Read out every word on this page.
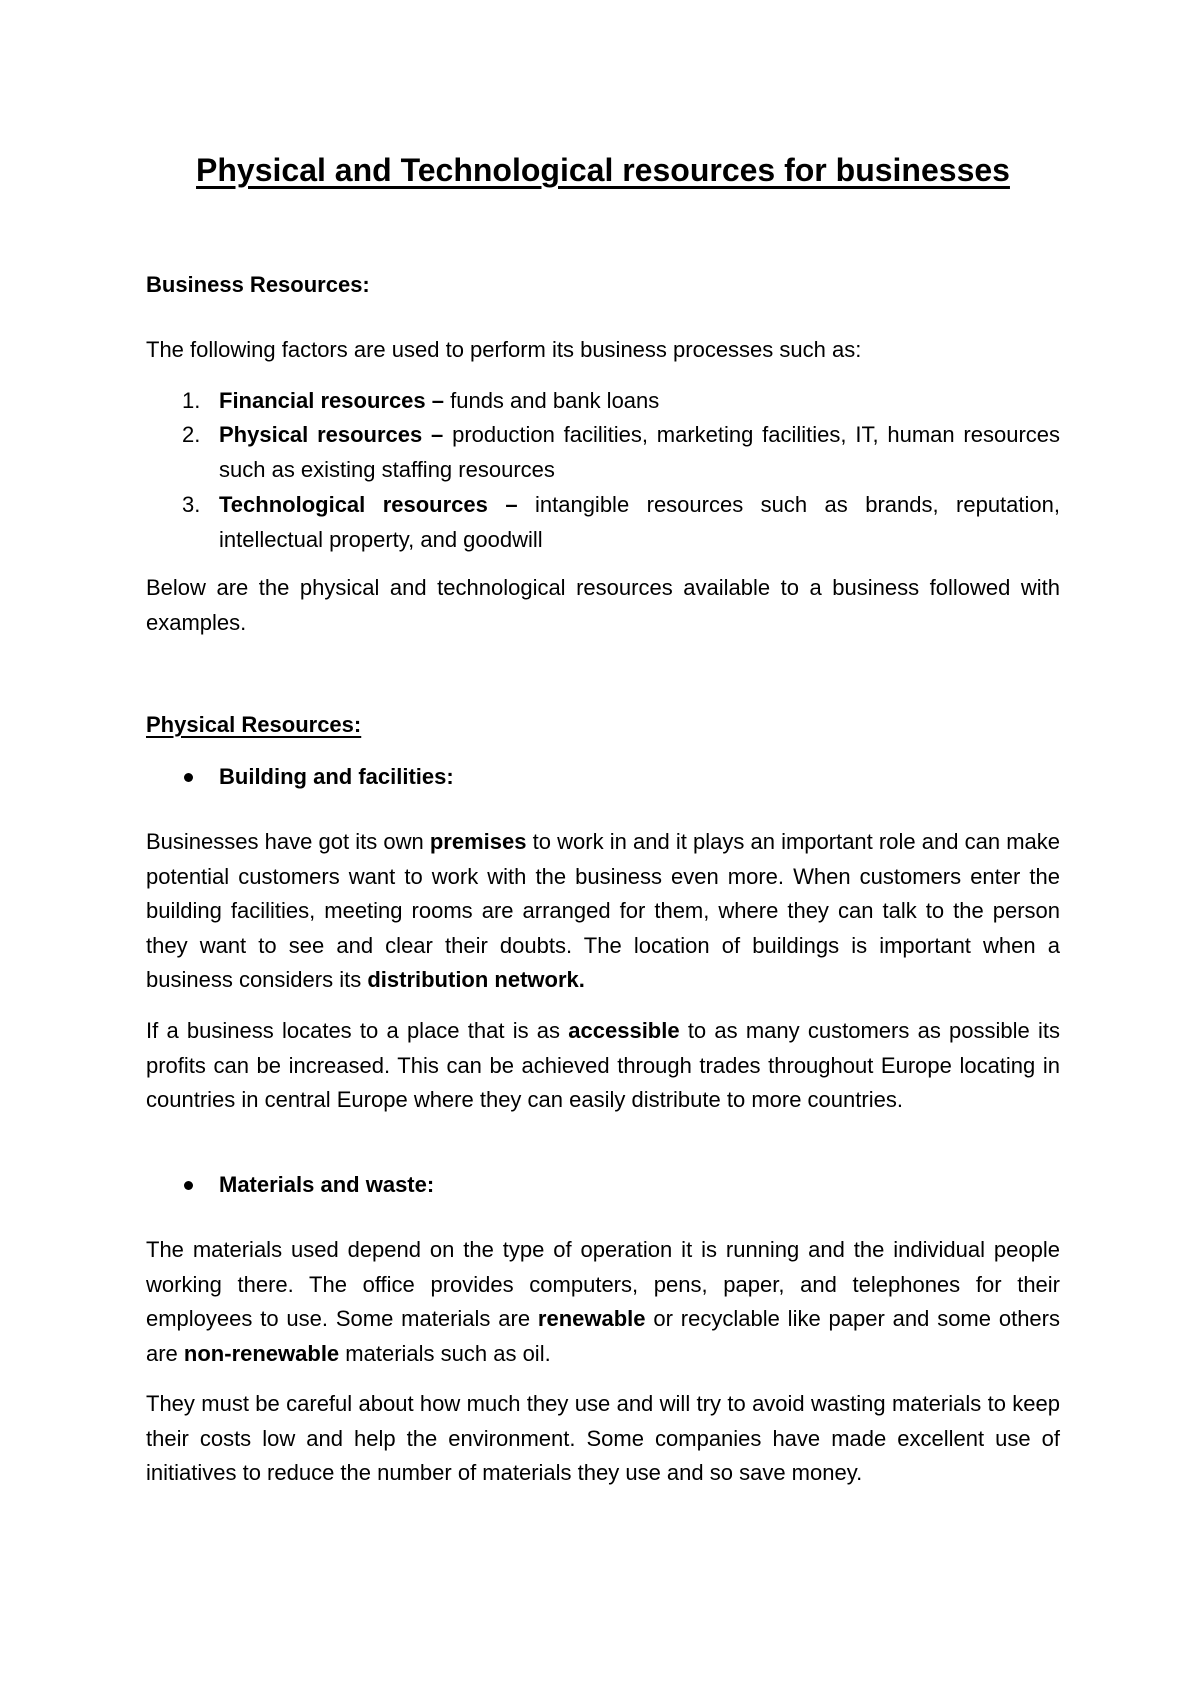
Physical and Technological resources for businesses

Business Resources:

The following factors are used to perform its business processes such as:

1. Financial resources – funds and bank loans
2. Physical resources – production facilities, marketing facilities, IT, human resources such as existing staffing resources
3. Technological resources – intangible resources such as brands, reputation, intellectual property, and goodwill

Below are the physical and technological resources available to a business followed with examples.

Physical Resources:

Building and facilities:

Businesses have got its own premises to work in and it plays an important role and can make potential customers want to work with the business even more. When customers enter the building facilities, meeting rooms are arranged for them, where they can talk to the person they want to see and clear their doubts. The location of buildings is important when a business considers its distribution network.

If a business locates to a place that is as accessible to as many customers as possible its profits can be increased. This can be achieved through trades throughout Europe locating in countries in central Europe where they can easily distribute to more countries.

Materials and waste:

The materials used depend on the type of operation it is running and the individual people working there. The office provides computers, pens, paper, and telephones for their employees to use. Some materials are renewable or recyclable like paper and some others are non-renewable materials such as oil.

They must be careful about how much they use and will try to avoid wasting materials to keep their costs low and help the environment. Some companies have made excellent use of initiatives to reduce the number of materials they use and so save money.
